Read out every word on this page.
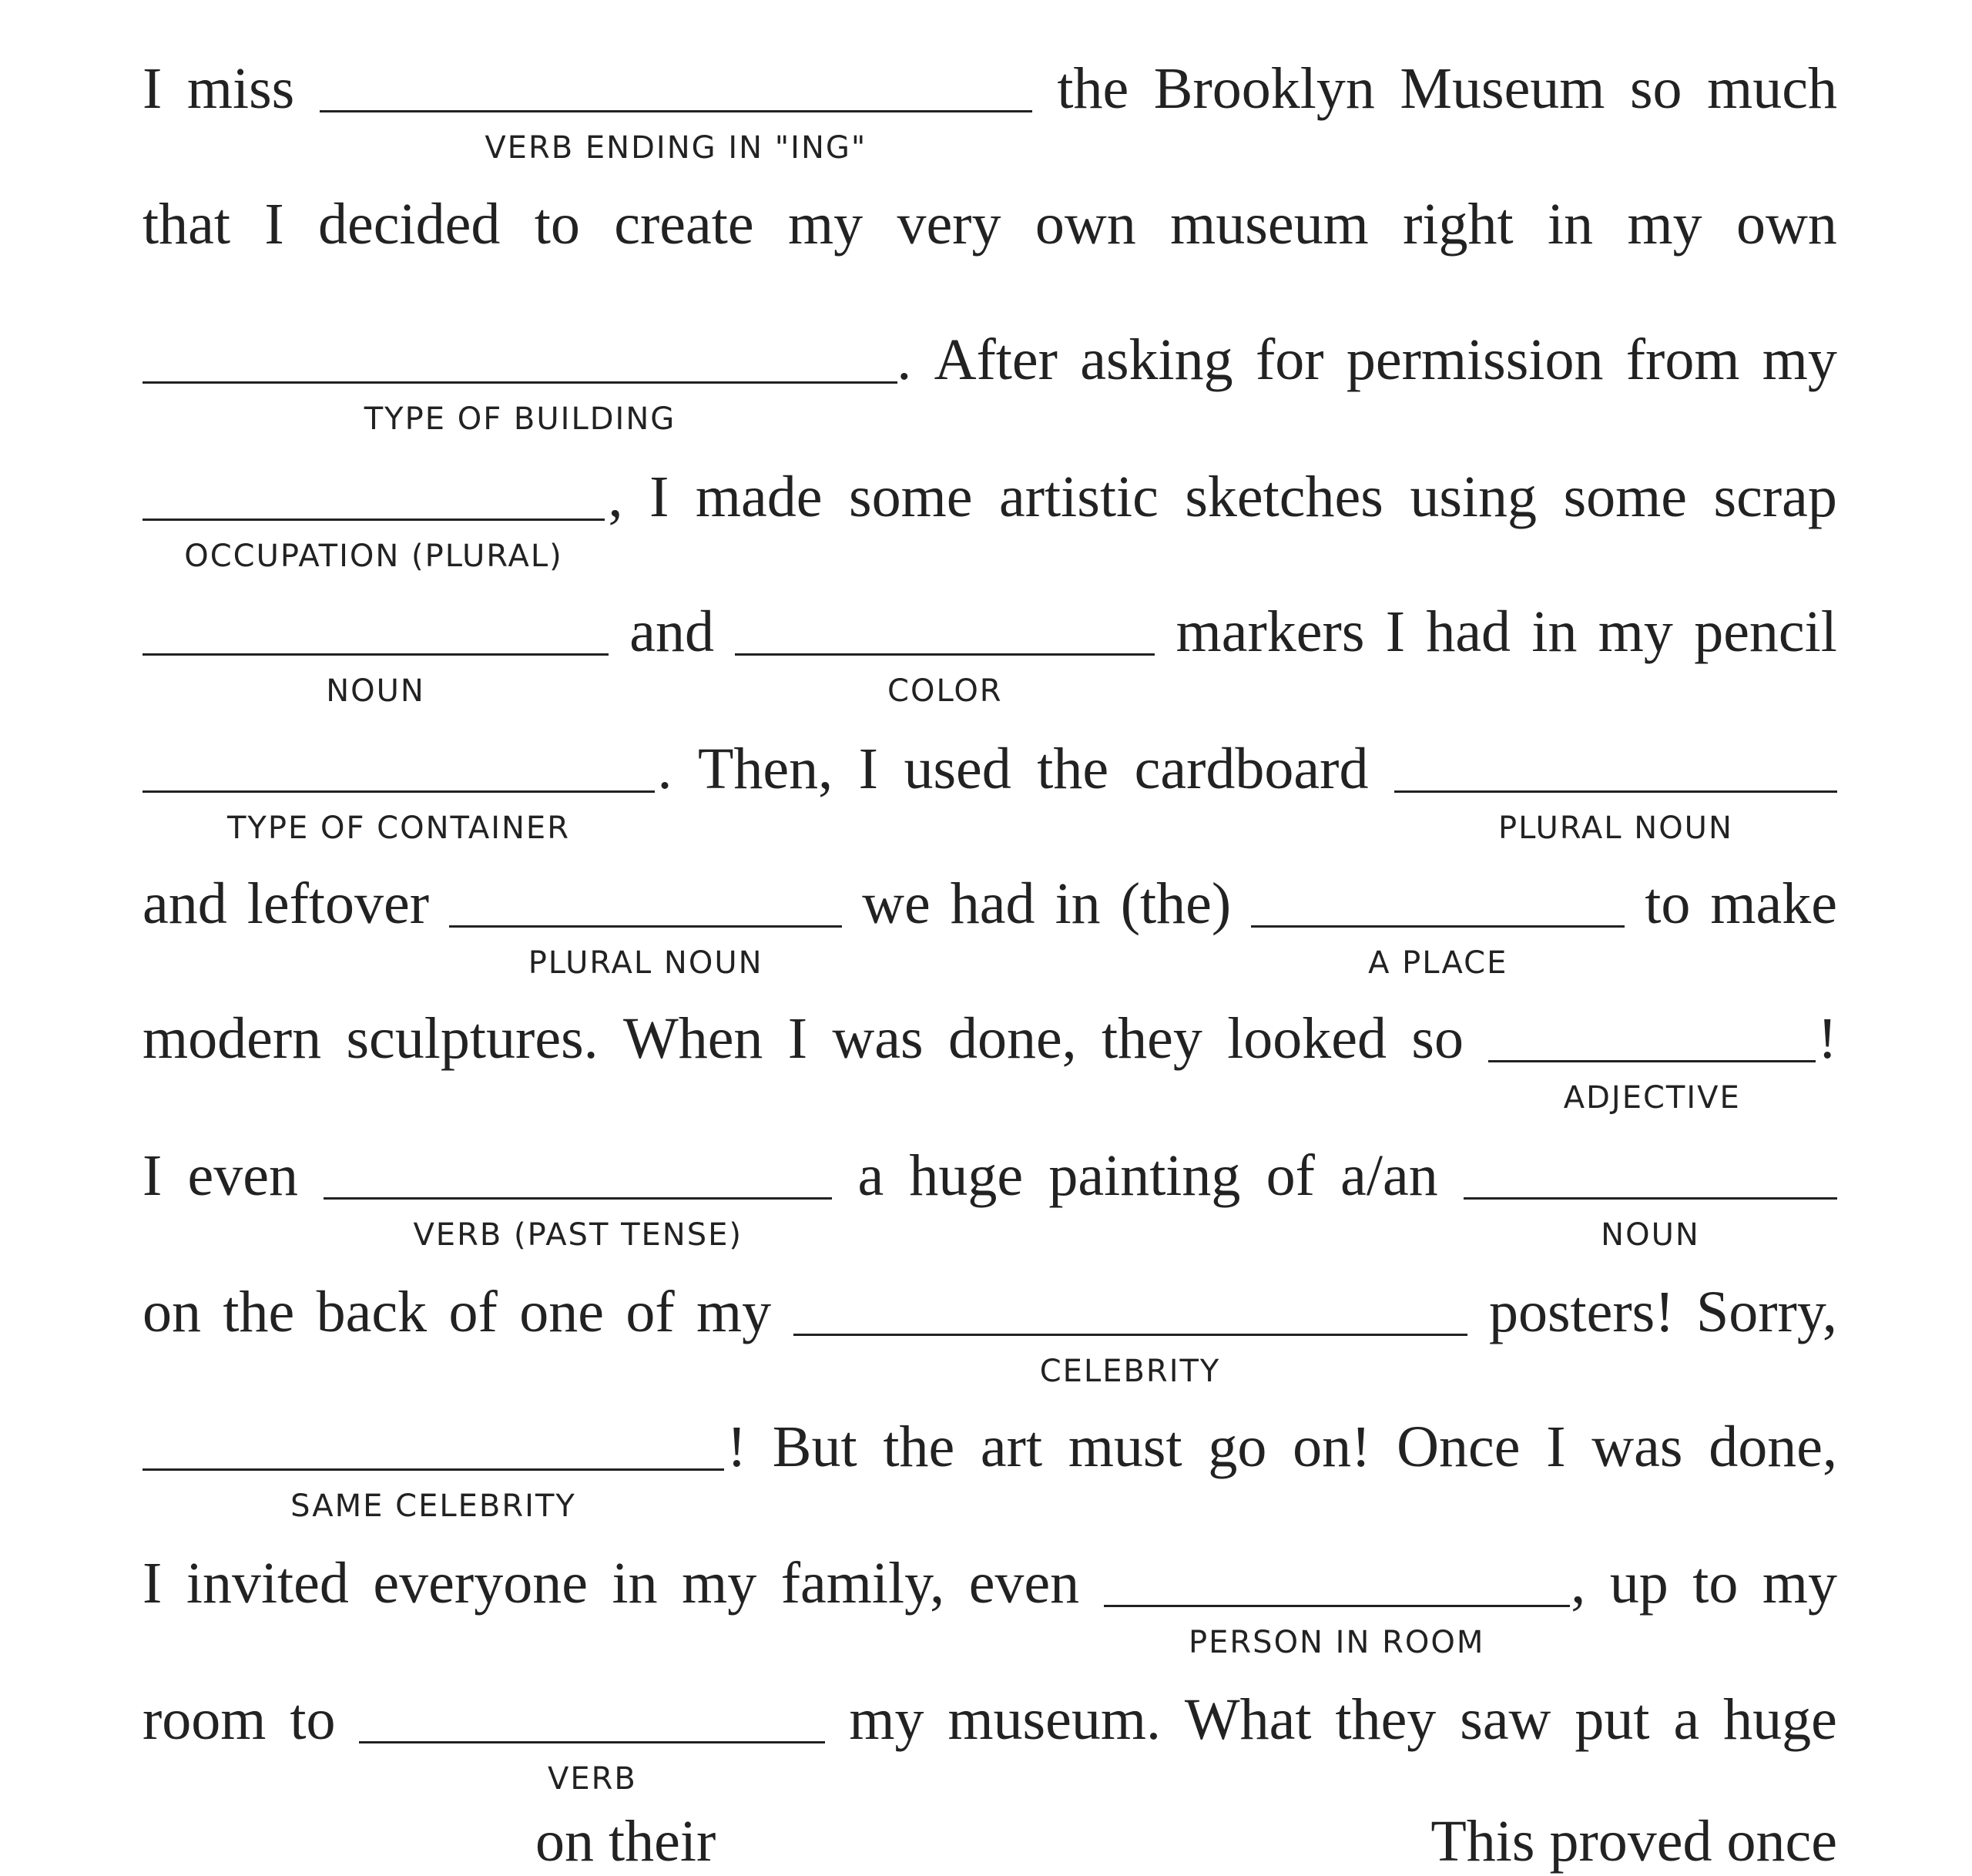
I miss
VERB ENDING IN "ING"
the Brooklyn Museum so much
that I decided to create my very own museum right in my own
TYPE OF BUILDING
. After asking for permission from my
OCCUPATION (PLURAL)
, I made some artistic sketches using some scrap
NOUN
and
COLOR
markers I had in my pencil
TYPE OF CONTAINER
. Then, I used the cardboard
PLURAL NOUN
and leftover
PLURAL NOUN
we had in (the)
A PLACE
to make
modern sculptures. When I was done, they looked so
ADJECTIVE
!
I even
VERB (PAST TENSE)
a huge painting of a/an
NOUN
on the back of one of my
CELEBRITY
posters! Sorry,
SAME CELEBRITY
! But the art must go on! Once I was done,
I invited everyone in my family, even
PERSON IN ROOM
, up to my
room to
VERB
my museum. What they saw put a huge
on their	This proved once
